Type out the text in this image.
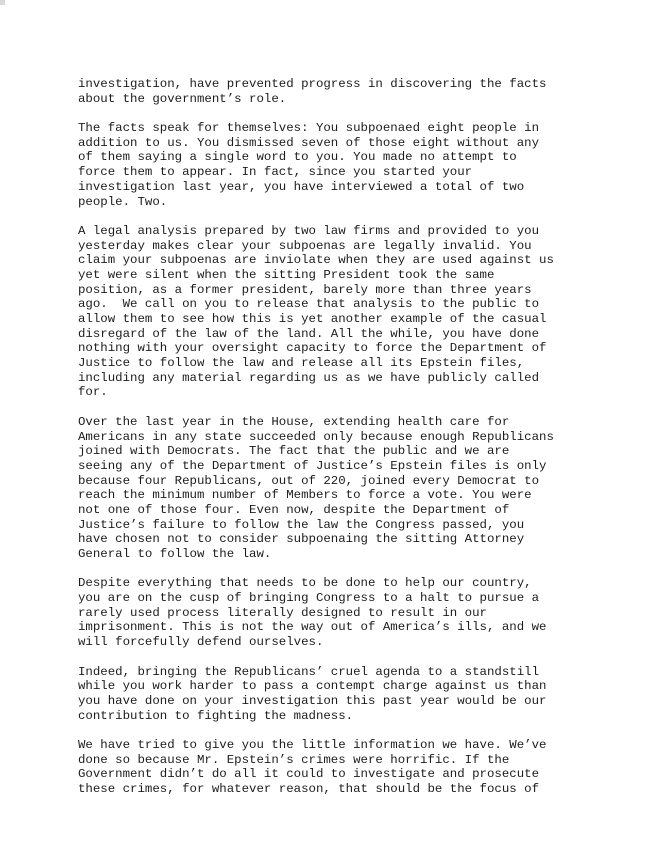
investigation, have prevented progress in discovering the facts
about the government’s role.
The facts speak for themselves: You subpoenaed eight people in
addition to us. You dismissed seven of those eight without any
of them saying a single word to you. You made no attempt to
force them to appear. In fact, since you started your
investigation last year, you have interviewed a total of two
people. Two.
A legal analysis prepared by two law firms and provided to you
yesterday makes clear your subpoenas are legally invalid. You
claim your subpoenas are inviolate when they are used against us
yet were silent when the sitting President took the same
position, as a former president, barely more than three years
ago.  We call on you to release that analysis to the public to
allow them to see how this is yet another example of the casual
disregard of the law of the land. All the while, you have done
nothing with your oversight capacity to force the Department of
Justice to follow the law and release all its Epstein files,
including any material regarding us as we have publicly called
for.
Over the last year in the House, extending health care for
Americans in any state succeeded only because enough Republicans
joined with Democrats. The fact that the public and we are
seeing any of the Department of Justice’s Epstein files is only
because four Republicans, out of 220, joined every Democrat to
reach the minimum number of Members to force a vote. You were
not one of those four. Even now, despite the Department of
Justice’s failure to follow the law the Congress passed, you
have chosen not to consider subpoenaing the sitting Attorney
General to follow the law.
Despite everything that needs to be done to help our country,
you are on the cusp of bringing Congress to a halt to pursue a
rarely used process literally designed to result in our
imprisonment. This is not the way out of America’s ills, and we
will forcefully defend ourselves.
Indeed, bringing the Republicans’ cruel agenda to a standstill
while you work harder to pass a contempt charge against us than
you have done on your investigation this past year would be our
contribution to fighting the madness.
We have tried to give you the little information we have. We’ve
done so because Mr. Epstein’s crimes were horrific. If the
Government didn’t do all it could to investigate and prosecute
these crimes, for whatever reason, that should be the focus of
